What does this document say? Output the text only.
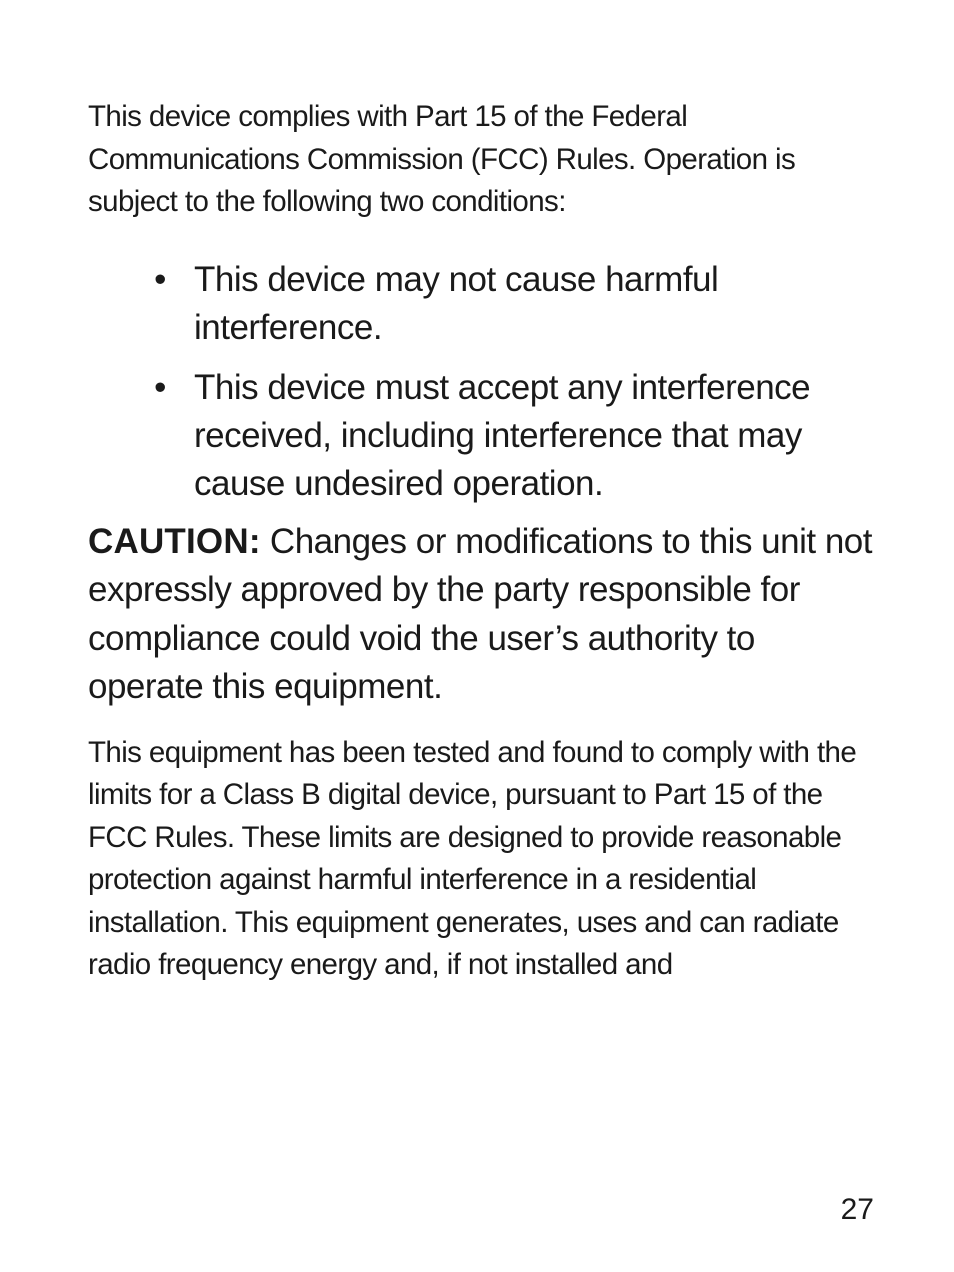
This device complies with Part 15 of the Federal Communications Commission (FCC) Rules. Operation is subject to the following two conditions:

• This device may not cause harmful interference.
• This device must accept any interference received, including interference that may cause undesired operation.

CAUTION: Changes or modifications to this unit not expressly approved by the party responsible for compliance could void the user’s authority to operate this equipment.

This equipment has been tested and found to comply with the limits for a Class B digital device, pursuant to Part 15 of the FCC Rules. These limits are designed to provide reasonable protection against harmful interference in a residential installation. This equipment generates, uses and can radiate radio frequency energy and, if not installed and

27
